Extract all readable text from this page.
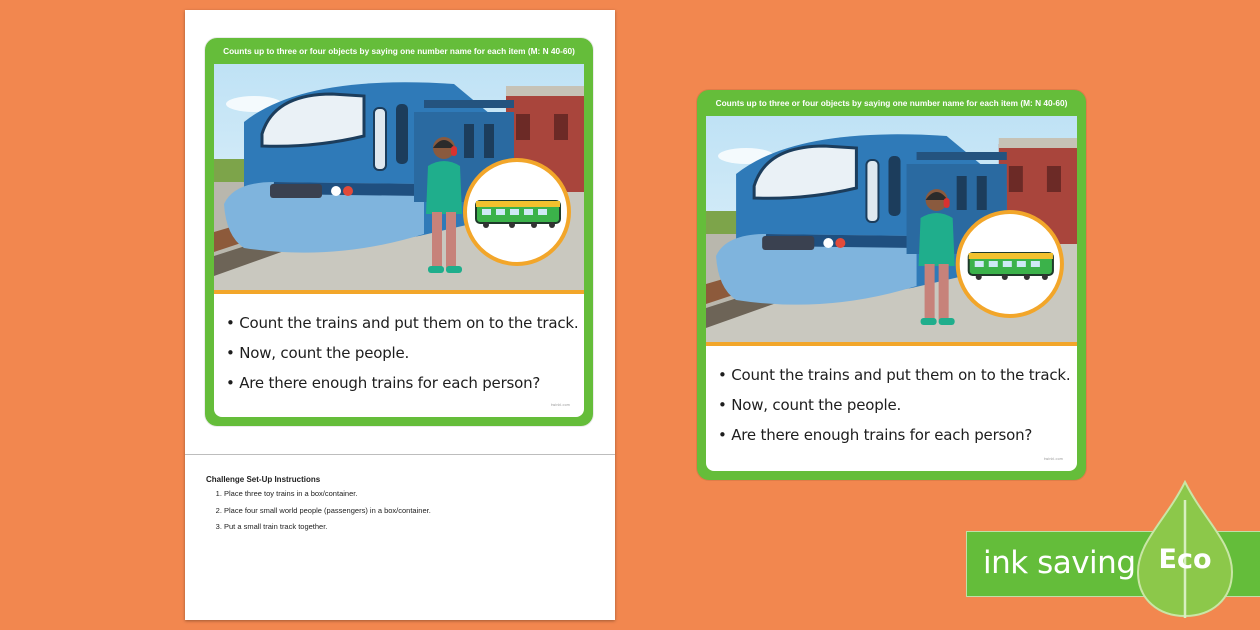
Challenge Set-Up Instructions
1. Place three toy trains in a box/container.
2. Place four small world people (passengers) in a box/container.
3. Put a small train track together.
Counts up to three or four objects by saying one number name for each item (M: N 40-60)
• Count the trains and put them on to the track.
• Now, count the people.
• Are there enough trains for each person?
twinkl.com
Counts up to three or four objects by saying one number name for each item (M: N 40-60)
• Count the trains and put them on to the track.
• Now, count the people.
• Are there enough trains for each person?
twinkl.com
ink saving Eco
